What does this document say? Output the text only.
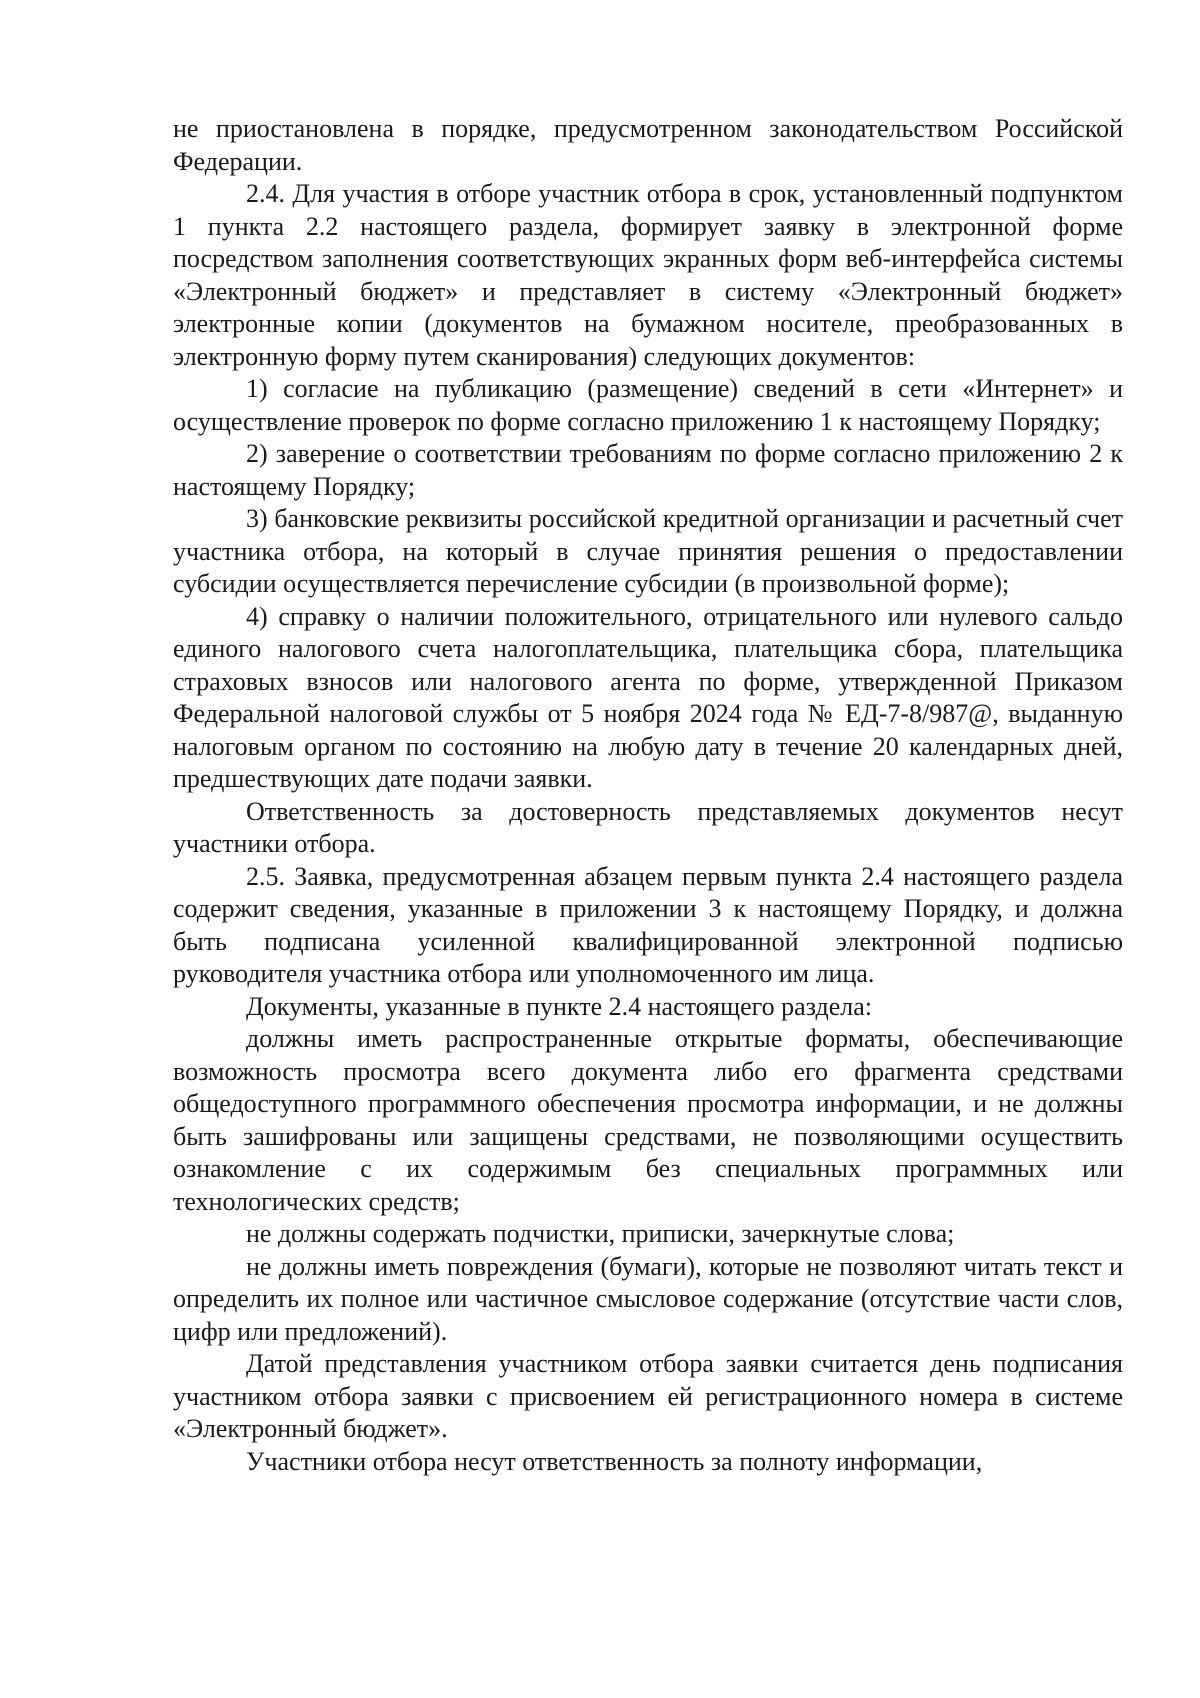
не приостановлена в порядке, предусмотренном законодательством Российской Федерации.

2.4. Для участия в отборе участник отбора в срок, установленный подпунктом 1 пункта 2.2 настоящего раздела, формирует заявку в электронной форме посредством заполнения соответствующих экранных форм веб-интерфейса системы «Электронный бюджет» и представляет в систему «Электронный бюджет» электронные копии (документов на бумажном носителе, преобразованных в электронную форму путем сканирования) следующих документов:

1) согласие на публикацию (размещение) сведений в сети «Интернет» и осуществление проверок по форме согласно приложению 1 к настоящему Порядку;

2) заверение о соответствии требованиям по форме согласно приложению 2 к настоящему Порядку;

3) банковские реквизиты российской кредитной организации и расчетный счет участника отбора, на который в случае принятия решения о предоставлении субсидии осуществляется перечисление субсидии (в произвольной форме);

4) справку о наличии положительного, отрицательного или нулевого сальдо единого налогового счета налогоплательщика, плательщика сбора, плательщика страховых взносов или налогового агента по форме, утвержденной Приказом Федеральной налоговой службы от 5 ноября 2024 года № ЕД-7-8/987@, выданную налоговым органом по состоянию на любую дату в течение 20 календарных дней, предшествующих дате подачи заявки.

Ответственность за достоверность представляемых документов несут участники отбора.

2.5. Заявка, предусмотренная абзацем первым пункта 2.4 настоящего раздела содержит сведения, указанные в приложении 3 к настоящему Порядку, и должна быть подписана усиленной квалифицированной электронной подписью руководителя участника отбора или уполномоченного им лица.

Документы, указанные в пункте 2.4 настоящего раздела:

должны иметь распространенные открытые форматы, обеспечивающие возможность просмотра всего документа либо его фрагмента средствами общедоступного программного обеспечения просмотра информации, и не должны быть зашифрованы или защищены средствами, не позволяющими осуществить ознакомление с их содержимым без специальных программных или технологических средств;

не должны содержать подчистки, приписки, зачеркнутые слова;

не должны иметь повреждения (бумаги), которые не позволяют читать текст и определить их полное или частичное смысловое содержание (отсутствие части слов, цифр или предложений).

Датой представления участником отбора заявки считается день подписания участником отбора заявки с присвоением ей регистрационного номера в системе «Электронный бюджет».

Участники отбора несут ответственность за полноту информации,
